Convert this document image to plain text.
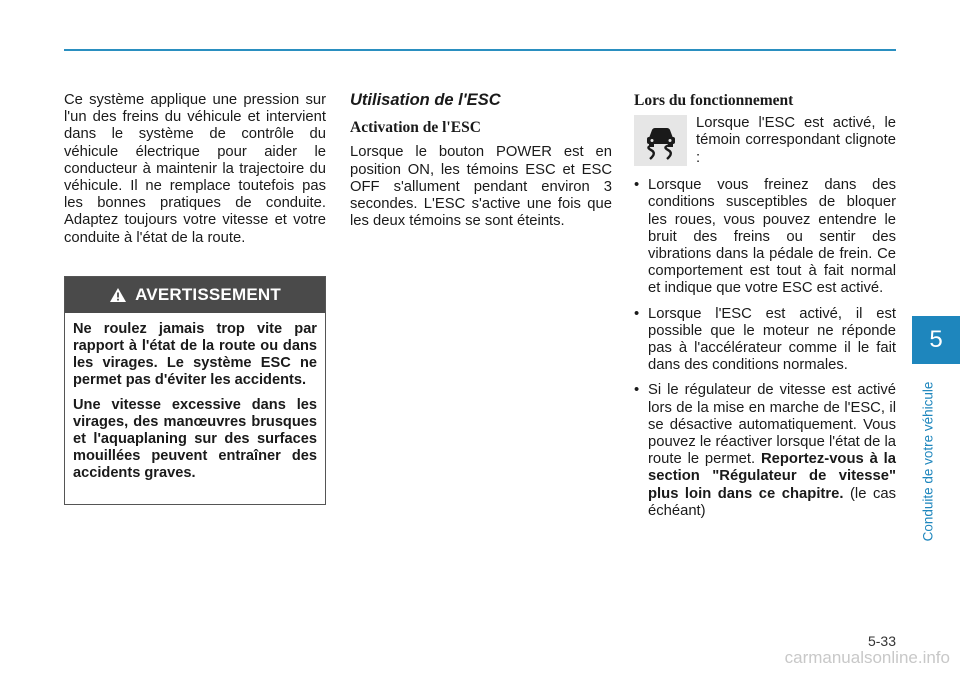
Ce système applique une pression sur l'un des freins du véhicule et intervient dans le système de contrôle du véhicule électrique pour aider le conducteur à maintenir la trajectoire du véhicule. Il ne remplace toutefois pas les bonnes pratiques de conduite. Adaptez toujours votre vitesse et votre conduite à l'état de la route.

AVERTISSEMENT

Ne roulez jamais trop vite par rapport à l'état de la route ou dans les virages. Le système ESC ne permet pas d'éviter les accidents.

Une vitesse excessive dans les virages, des manœuvres brusques et l'aquaplaning sur des surfaces mouillées peuvent entraîner des accidents graves.

Utilisation de l'ESC
Activation de l'ESC

Lorsque le bouton POWER est en position ON, les témoins ESC et ESC OFF s'allument pendant environ 3 secondes. L'ESC s'active une fois que les deux témoins se sont éteints.

Lors du fonctionnement

Lorsque l'ESC est activé, le témoin correspondant clignote :

• Lorsque vous freinez dans des conditions susceptibles de bloquer les roues, vous pouvez entendre le bruit des freins ou sentir des vibrations dans la pédale de frein. Ce comportement est tout à fait normal et indique que votre ESC est activé.
• Lorsque l'ESC est activé, il est possible que le moteur ne réponde pas à l'accélérateur comme il le fait dans des conditions normales.
• Si le régulateur de vitesse est activé lors de la mise en marche de l'ESC, il se désactive automatiquement. Vous pouvez le réactiver lorsque l'état de la route le permet. Reportez-vous à la section "Régulateur de vitesse" plus loin dans ce chapitre. (le cas échéant)
5
Conduite de votre véhicule
5-33
carmanualsonline.info
